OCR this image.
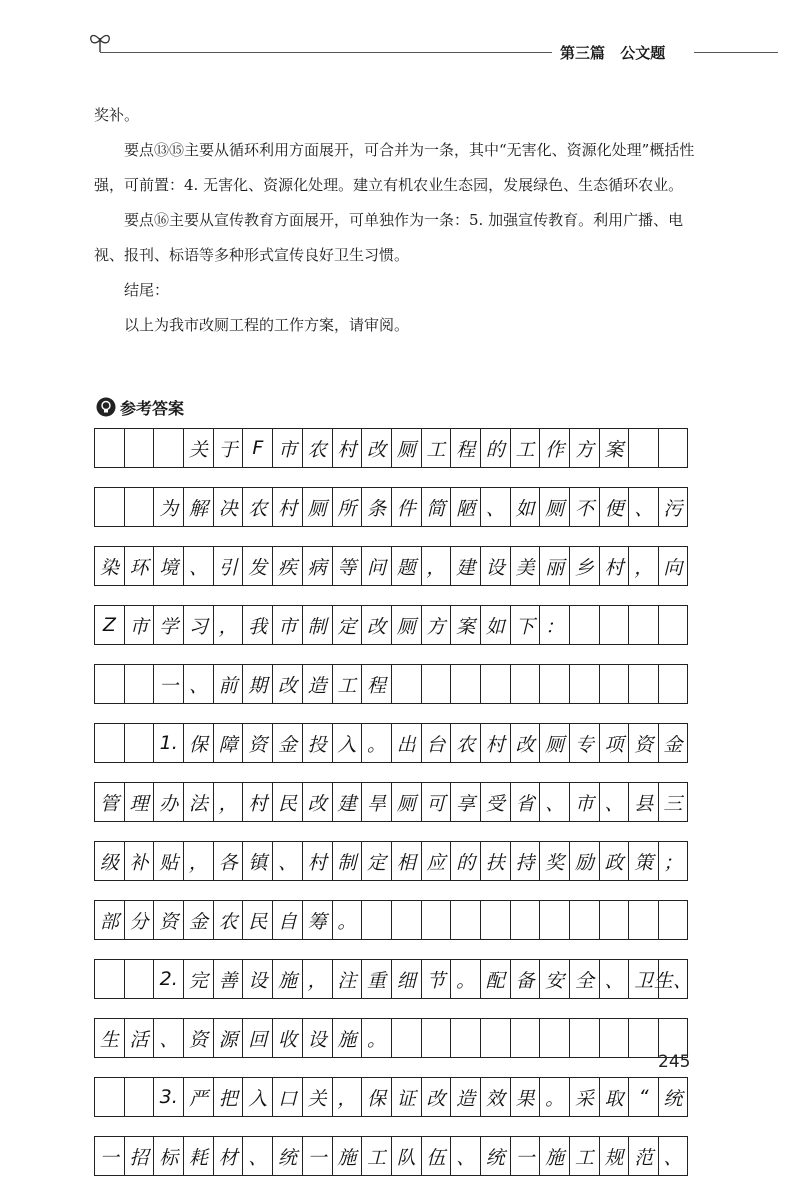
第三篇 公文题

奖补。

要点⑬⑮主要从循环利用方面展开，可合并为一条，其中“无害化、资源化处理”概括性强，可前置：4. 无害化、资源化处理。建立有机农业生态园，发展绿色、生态循环农业。

要点⑯主要从宣传教育方面展开，可单独作为一条：5. 加强宣传教育。利用广播、电视、报刊、标语等多种形式宣传良好卫生习惯。

结尾：

以上为我市改厕工程的工作方案，请审阅。

参考答案
关 于 F 市 农 村 改 厕 工 程 的 工 作 方 案
为 解 决 农 村 厕 所 条 件 简 陋 、 如 厕 不 便 、 污
染 环 境 、 引 发 疾 病 等 问 题 ， 建 设 美 丽 乡 村 ， 向
Z 市 学 习 ， 我 市 制 定 改 厕 方 案 如 下 ：
一 、 前 期 改 造 工 程
1. 保 障 资 金 投 入 。 出 台 农 村 改 厕 专 项 资 金
管 理 办 法 ， 村 民 改 建 旱 厕 可 享 受 省 、 市 、 县 三
级 补 贴 ， 各 镇 、 村 制 定 相 应 的 扶 持 奖 励 政 策 ；
部 分 资 金 农 民 自 筹 。
2. 完 善 设 施 ， 注 重 细 节 。 配 备 安 全 、 卫 生、
生 活 、 资 源 回 收 设 施 。
3. 严 把 入 口 关 ， 保 证 改 造 效 果 。 采 取 “ 统
一 招 标 耗 材 、 统 一 施 工 队 伍 、 统 一 施 工 规 范 、
245
